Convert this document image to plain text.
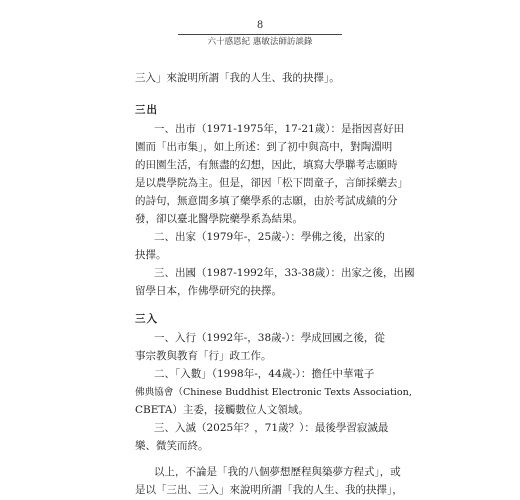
8
六十感恩紀 惠敏法師訪談錄
三入」來說明所謂「我的人生、我的抉擇」。
三出
一、出市（1971-1975年，17-21歲）：是指因喜好田
園而「出市集」，如上所述：到了初中與高中，對陶淵明
的田園生活，有無盡的幻想，因此，填寫大學聯考志願時
是以農學院為主。但是，卻因「松下問童子，言師採藥去」
的詩句，無意間多填了藥學系的志願，由於考試成績的分
發，卻以臺北醫學院藥學系為結果。
二、出家（1979年-，25歲-）：學佛之後，出家的
抉擇。
三、出國（1987-1992年，33-38歲）：出家之後，出國
留學日本，作佛學研究的抉擇。
三入
一、入行（1992年-，38歲-）：學成回國之後，從
事宗教與教育「行」政工作。
二、「入數」（1998年-，44歲-）：擔任中華電子
佛典協會（Chinese Buddhist Electronic Texts Association,
CBETA）主委，接觸數位人文領域。
三、入滅（2025年？，71歲？）：最後學習寂滅最
樂、微笑而終。
以上，不論是「我的八個夢想歷程與築夢方程式」，或
是以「三出、三入」來說明所謂「我的人生、我的抉擇」，
